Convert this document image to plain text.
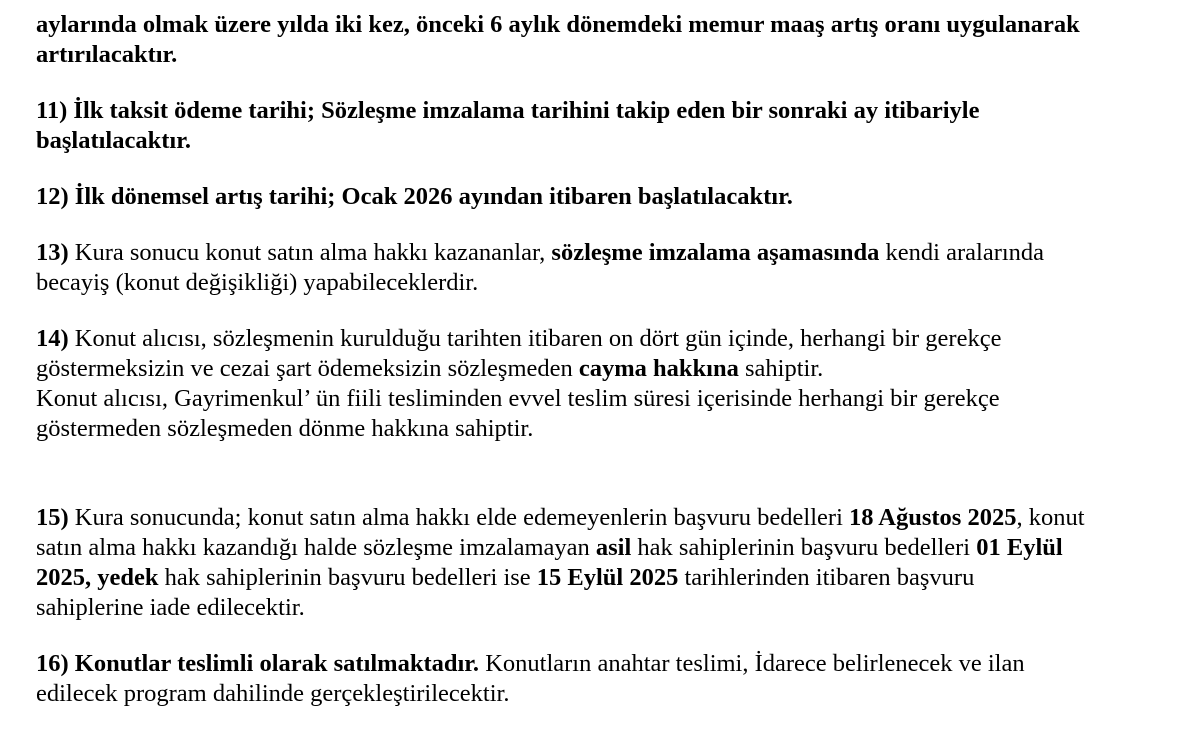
aylarında olmak üzere yılda iki kez, önceki 6 aylık dönemdeki memur maaş artış oranı uygulanarak
artırılacaktır.

11) İlk taksit ödeme tarihi; Sözleşme imzalama tarihini takip eden bir sonraki ay itibariyle
başlatılacaktır.

12) İlk dönemsel artış tarihi; Ocak 2026 ayından itibaren başlatılacaktır.

13) Kura sonucu konut satın alma hakkı kazananlar, sözleşme imzalama aşamasında kendi aralarında
becayiş (konut değişikliği) yapabileceklerdir.

14) Konut alıcısı, sözleşmenin kurulduğu tarihten itibaren on dört gün içinde, herhangi bir gerekçe
göstermeksizin ve cezai şart ödemeksizin sözleşmeden cayma hakkına sahiptir.
Konut alıcısı, Gayrimenkul’ ün fiili tesliminden evvel teslim süresi içerisinde herhangi bir gerekçe
göstermeden sözleşmeden dönme hakkına sahiptir.

15) Kura sonucunda; konut satın alma hakkı elde edemeyenlerin başvuru bedelleri 18 Ağustos 2025, konut
satın alma hakkı kazandığı halde sözleşme imzalamayan asil hak sahiplerinin başvuru bedelleri 01 Eylül
2025, yedek hak sahiplerinin başvuru bedelleri ise 15 Eylül 2025 tarihlerinden itibaren başvuru
sahiplerine iade edilecektir.

16) Konutlar teslimli olarak satılmaktadır. Konutların anahtar teslimi, İdarece belirlenecek ve ilan
edilecek program dahilinde gerçekleştirilecektir.
